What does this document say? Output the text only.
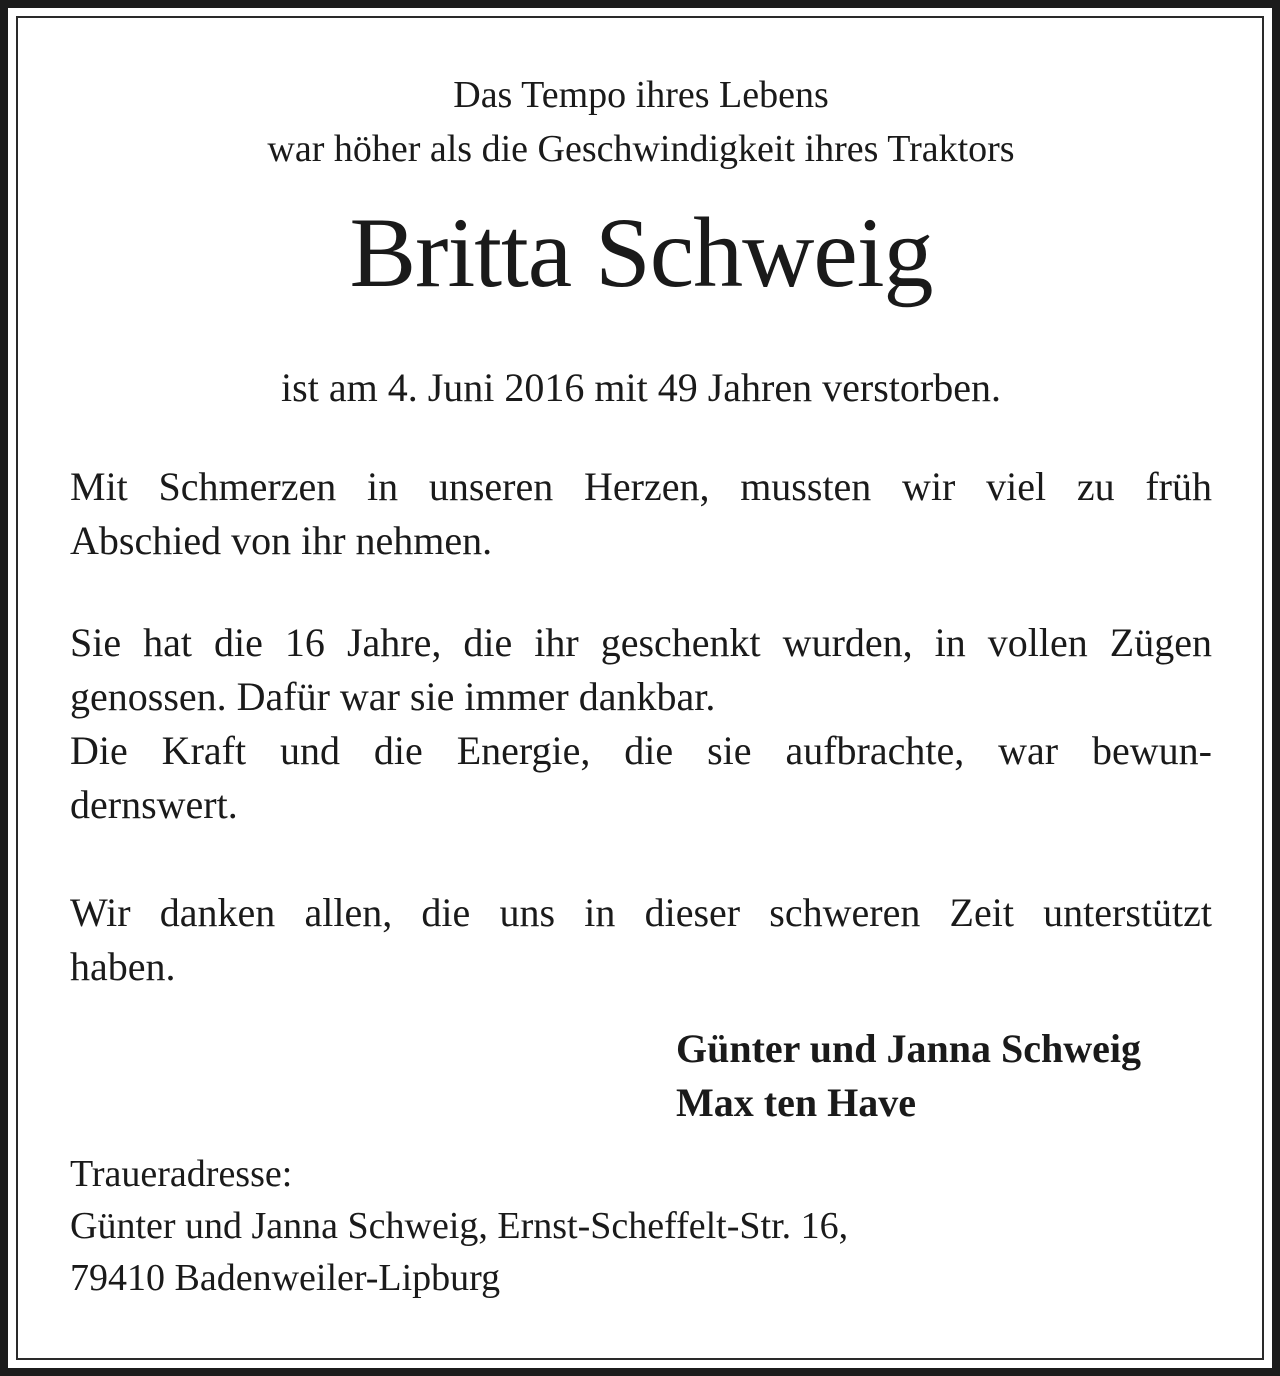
Das Tempo ihres Lebens
war höher als die Geschwindigkeit ihres Traktors
Britta Schweig
ist am 4. Juni 2016 mit 49 Jahren verstorben.
Mit Schmerzen in unseren Herzen, mussten wir viel zu früh
Abschied von ihr nehmen.
Sie hat die 16 Jahre, die ihr geschenkt wurden, in vollen Zügen
genossen. Dafür war sie immer dankbar.
Die Kraft und die Energie, die sie aufbrachte, war bewun-
dernswert.
Wir danken allen, die uns in dieser schweren Zeit unterstützt
haben.
Günter und Janna Schweig
Max ten Have
Traueradresse:
Günter und Janna Schweig, Ernst-Scheffelt-Str. 16,
79410 Badenweiler-Lipburg
